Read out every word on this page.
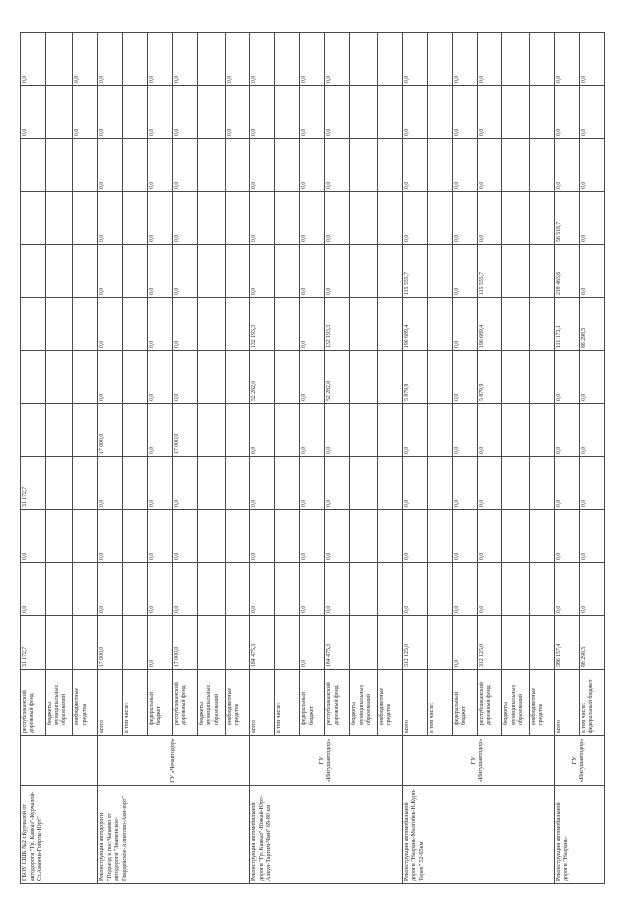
ГБОУ СШК №2 г.Курчалой от автодороги "Гр. Кавказ"-Курчалой-Ст.Аманчи-Гойрты-Юрт"		республиканский дорожный фонд	31 172,7	0,0	0,0	31 172,7							0,0	0,0
		бюджеты муниципальных образований												
		внебюджетные средства											0,0	0,0
Реконструкция автодороги "Подъезд к пос.Чапаево от автодороги "Знаменское-Гвардейское-Алпатово-Аки-юрт"	ГУ «Чечавтодор»	всего	17 000,0	0,0	0,0	0,0	17 000,0	0,0	0,0	0,0	0,0	0,0	0,0	0,0
		в том числе:												
		федеральный бюджет	0,0	0,0	0,0	0,0	0,0	0,0	0,0	0,0	0,0	0,0	0,0	0,0
		республиканский дорожный фонд	17 000,0	0,0	0,0	0,0	17 000,0	0,0	0,0	0,0	0,0	0,0	0,0	0,0
		бюджеты муниципальных образований												
		внебюджетные средства											0,0	0,0
Реконструкция автомобильной дороги "Гр. Кавказ"-Ножай-Юрт-Алкун-Таргим-Чми" 69-80 км	ГУ «Ингушавтодор»	всего	184 475,3	0,0	0,0	0,0	0,0	52 282,0	132 193,3	0,0	0,0	0,0	0,0	0,0
		в том числе:												
		федеральный бюджет	0,0	0,0	0,0	0,0	0,0	0,0	0,0	0,0	0,0	0,0	0,0	0,0
		республиканский дорожный фонд	184 475,3	0,0	0,0	0,0	0,0	52 282,0	132 193,3	0,0	0,0	0,0	0,0	0,0
		бюджеты муниципальных образований												
		внебюджетные средства												
Реконструкция автомобильной дороги "Назрань-Малгобек-Н.Курп-Терек" 52-65км	ГУ «Ингушавтодор»	всего	312 125,0	0,0	0,0	0,0	0,0	5 879,9	190 689,4	115 555,7	0,0	0,0	0,0	0,0
		в том числе:												
		федеральный бюджет	0,0	0,0	0,0	0,0	0,0	0,0	0,0	0,0	0,0	0,0	0,0	0,0
		республиканский дорожный фонд	312 125,0	0,0	0,0	0,0	0,0	5 879,9	190 689,4	115 555,7	0,0	0,0	0,0	0,0
		бюджеты муниципальных образований												
		внебюджетные средства												
Реконструкция автомобильной дороги "Назрань-	ГУ «Ингушавтодор»	всего	386 157,4	0,0	0,0	0,0	0,0	0,0	111 173,1	218 465,6	56 518,7	0,0	0,0	0,0
		в том числе: федеральный бюджет	88 298,5	0,0	0,0	0,0	0,0	0,0	88 298,5	0,0	0,0	0,0	0,0	0,0
